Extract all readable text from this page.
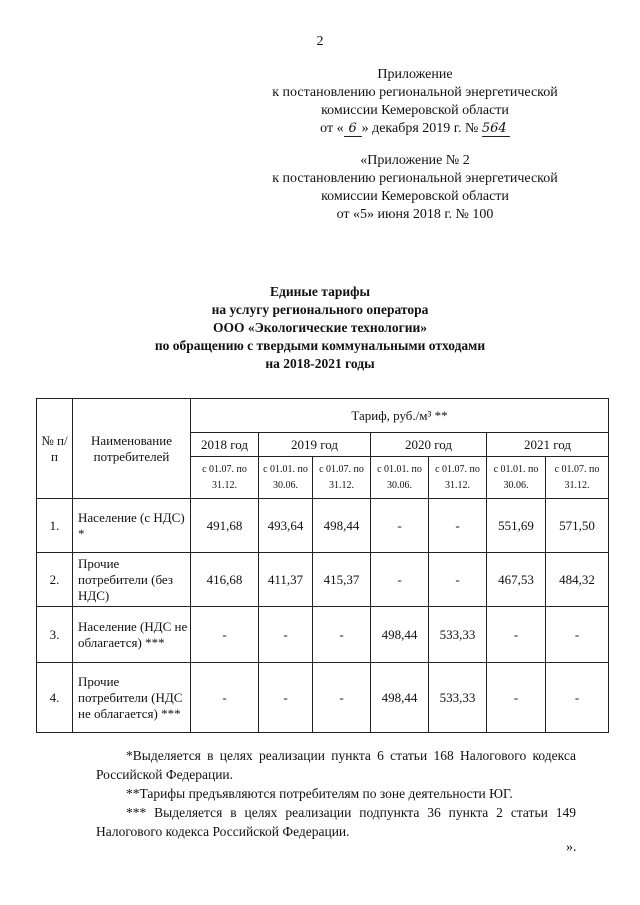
2
Приложение
к постановлению региональной энергетической
комиссии Кемеровской области
от « 6 » декабря 2019 г. № 564
«Приложение № 2
к постановлению региональной энергетической
комиссии Кемеровской области
от «5» июня 2018 г. № 100
Единые тарифы
на услугу регионального оператора
ООО «Экологические технологии»
по обращению с твердыми коммунальными отходами
на 2018-2021 годы
№ п/п	Наименование потребителей	Тариф, руб./м³ **						
		2018 год	2019 год		2020 год		2021 год	
		с 01.07. по 31.12.	с 01.01. по 30.06.	с 01.07. по 31.12.	с 01.01. по 30.06.	с 01.07. по 31.12.	с 01.01. по 30.06.	с 01.07. по 31.12.
1.	Население (с НДС) *	491,68	493,64	498,44	-	-	551,69	571,50
2.	Прочие потребители (без НДС)	416,68	411,37	415,37	-	-	467,53	484,32
3.	Население (НДС не облагается) ***	-	-	-	498,44	533,33	-	-
4.	Прочие потребители (НДС не облагается) ***	-	-	-	498,44	533,33	-	-

*Выделяется в целях реализации пункта 6 статьи 168 Налогового кодекса Российской Федерации.

**Тарифы предъявляются потребителям по зоне деятельности ЮГ.

*** Выделяется в целях реализации подпункта 36 пункта 2 статьи 149 Налогового кодекса Российской Федерации.

».
